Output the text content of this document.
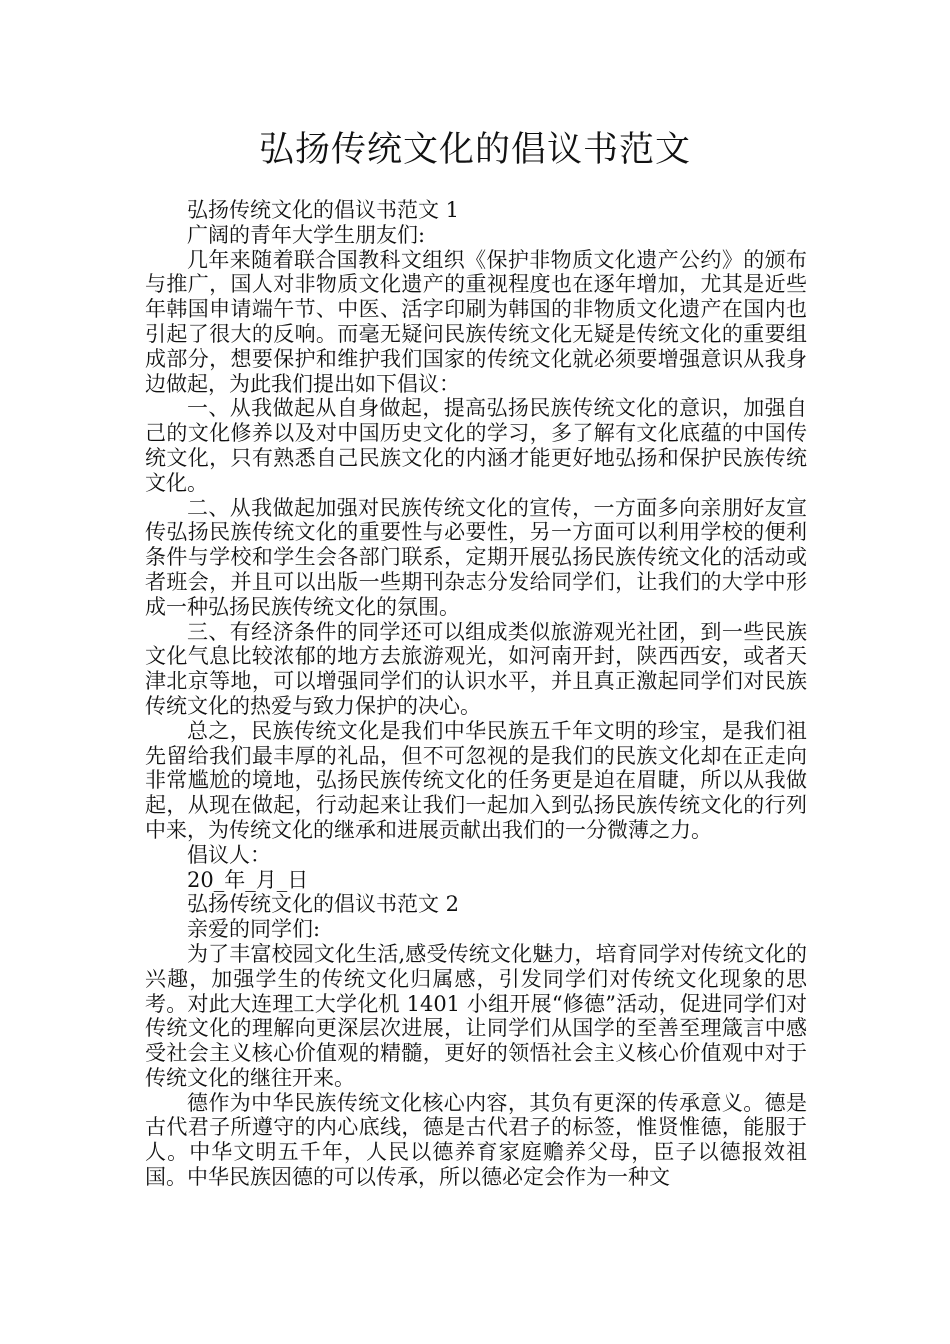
弘扬传统文化的倡议书范文

弘扬传统文化的倡议书范文 1

广阔的青年大学生朋友们:

几年来随着联合国教科文组织《保护非物质文化遗产公约》的颁布与推广，国人对非物质文化遗产的重视程度也在逐年增加，尤其是近些年韩国申请端午节、中医、活字印刷为韩国的非物质文化遗产在国内也引起了很大的反响。而毫无疑问民族传统文化无疑是传统文化的重要组成部分，想要保护和维护我们国家的传统文化就必须要增强意识从我身边做起，为此我们提出如下倡议：

一、从我做起从自身做起，提高弘扬民族传统文化的意识，加强自己的文化修养以及对中国历史文化的学习，多了解有文化底蕴的中国传统文化，只有熟悉自己民族文化的内涵才能更好地弘扬和保护民族传统文化。

二、从我做起加强对民族传统文化的宣传，一方面多向亲朋好友宣传弘扬民族传统文化的重要性与必要性，另一方面可以利用学校的便利条件与学校和学生会各部门联系，定期开展弘扬民族传统文化的活动或者班会，并且可以出版一些期刊杂志分发给同学们，让我们的大学中形成一种弘扬民族传统文化的氛围。

三、有经济条件的同学还可以组成类似旅游观光社团，到一些民族文化气息比较浓郁的地方去旅游观光，如河南开封，陕西西安，或者天津北京等地，可以增强同学们的认识水平，并且真正激起同学们对民族传统文化的热爱与致力保护的决心。

总之，民族传统文化是我们中华民族五千年文明的珍宝，是我们祖先留给我们最丰厚的礼品，但不可忽视的是我们的民族文化却在正走向非常尴尬的境地，弘扬民族传统文化的任务更是迫在眉睫，所以从我做起，从现在做起，行动起来让我们一起加入到弘扬民族传统文化的行列中来，为传统文化的继承和进展贡献出我们的一分微薄之力。

倡议人：

20_年_月_日

弘扬传统文化的倡议书范文 2

亲爱的同学们:

为了丰富校园文化生活,感受传统文化魅力，培育同学对传统文化的兴趣，加强学生的传统文化归属感，引发同学们对传统文化现象的思考。对此大连理工大学化机 1401 小组开展“修德”活动，促进同学们对传统文化的理解向更深层次进展，让同学们从国学的至善至理箴言中感受社会主义核心价值观的精髓，更好的领悟社会主义核心价值观中对于传统文化的继往开来。

德作为中华民族传统文化核心内容，其负有更深的传承意义。德是古代君子所遵守的内心底线，德是古代君子的标签，惟贤惟德，能服于人。中华文明五千年，人民以德养育家庭赡养父母，臣子以德报效祖国。中华民族因德的可以传承，所以德必定会作为一种文
